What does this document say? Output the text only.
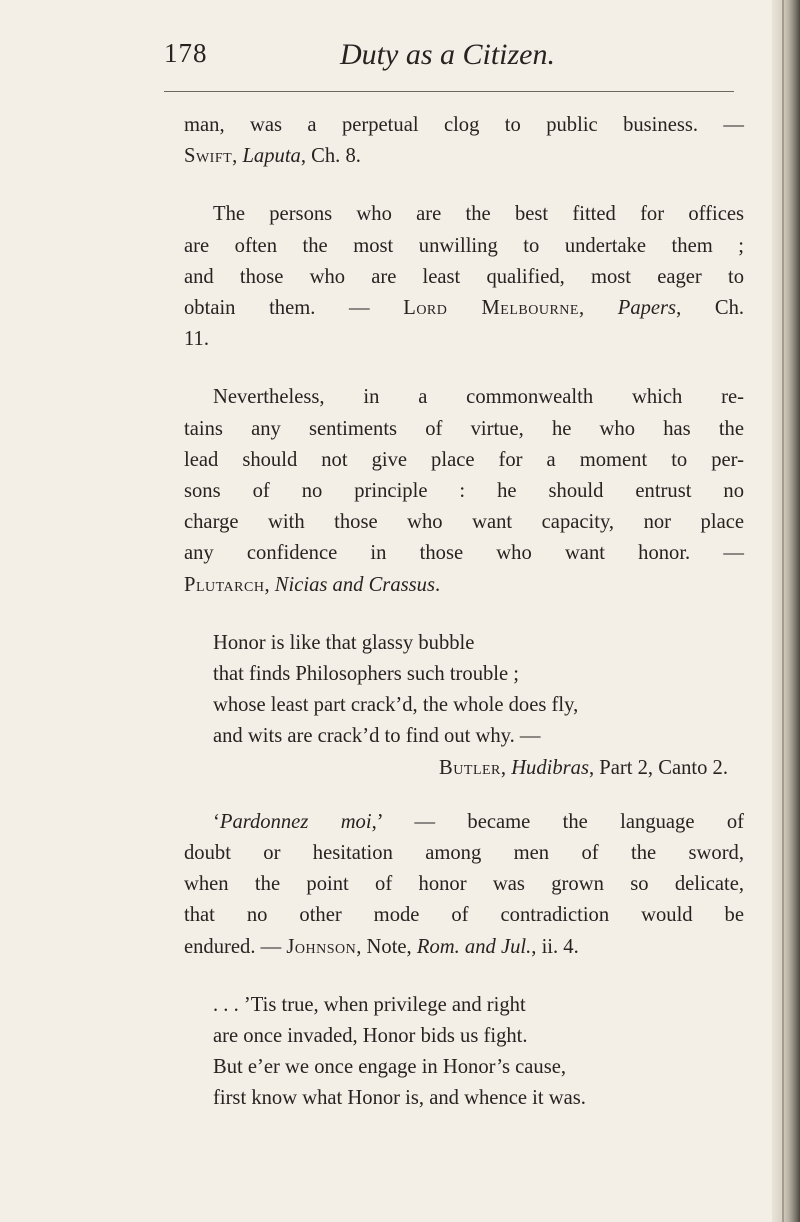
178	Duty as a Citizen.
man, was a perpetual clog to public business. —
Swift, Laputa, Ch. 8.
The persons who are the best fitted for offices
are often the most unwilling to undertake them ;
and those who are least qualified, most eager to
obtain them. — Lord Melbourne, Papers, Ch.
11.
Nevertheless, in a commonwealth which re-
tains any sentiments of virtue, he who has the
lead should not give place for a moment to per-
sons of no principle : he should entrust no
charge with those who want capacity, nor place
any confidence in those who want honor. —
Plutarch, Nicias and Crassus.
Honor is like that glassy bubble
that finds Philosophers such trouble ;
whose least part crack’d, the whole does fly,
and wits are crack’d to find out why. —
Butler, Hudibras, Part 2, Canto 2.
‘Pardonnez moi,’ — became the language of
doubt or hesitation among men of the sword,
when the point of honor was grown so delicate,
that no other mode of contradiction would be
endured. — Johnson, Note, Rom. and Jul., ii. 4.
. . . ’Tis true, when privilege and right
are once invaded, Honor bids us fight.
But e’er we once engage in Honor’s cause,
first know what Honor is, and whence it was.
